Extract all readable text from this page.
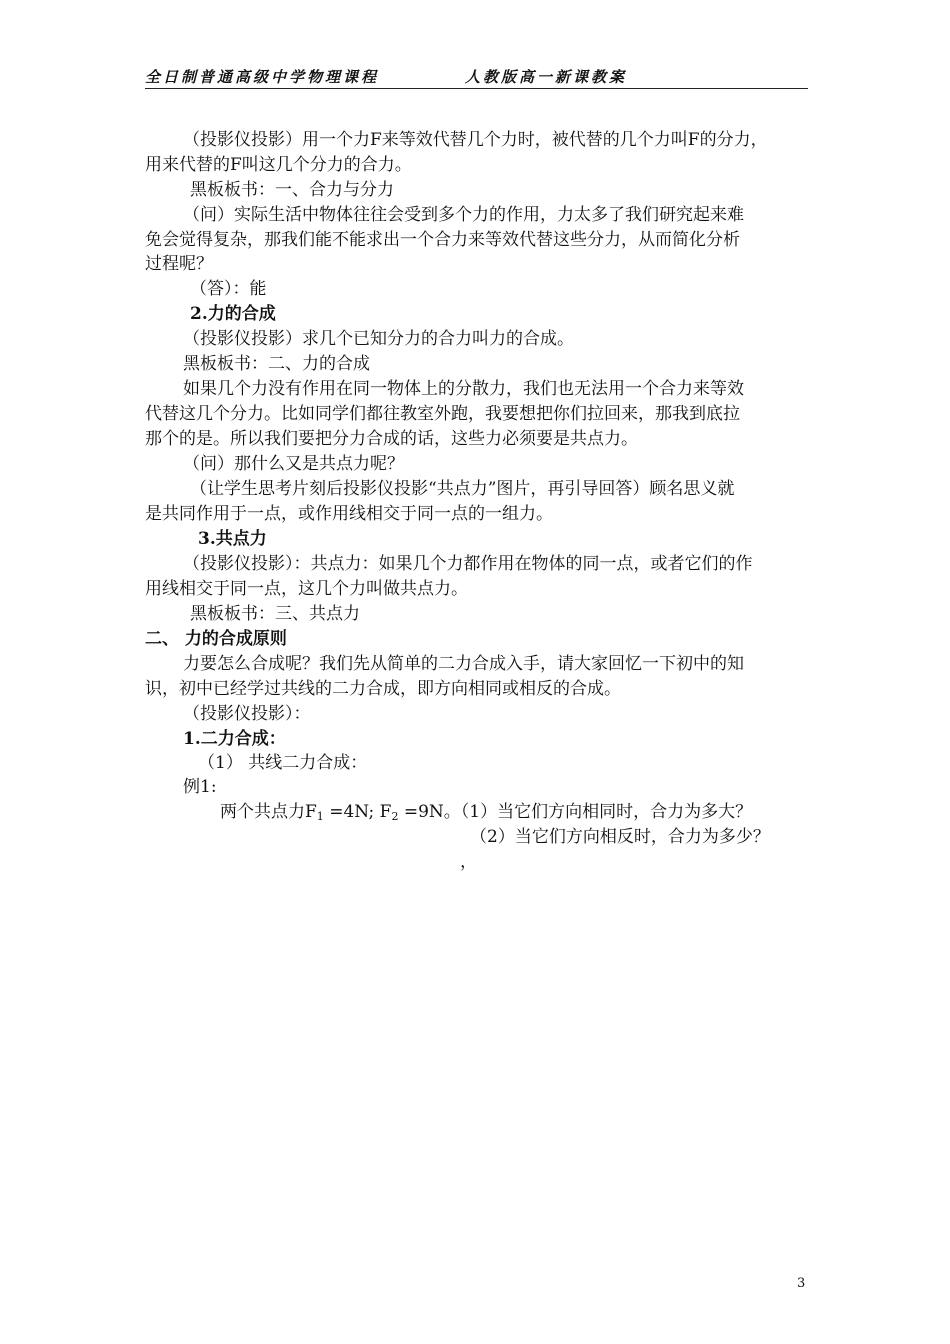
全日制普通高级中学物理课程	人教版高一新课教案
（投影仪投影）用一个力F来等效代替几个力时，被代替的几个力叫F的分力，
用来代替的F叫这几个分力的合力。
黑板板书：一、合力与分力
（问）实际生活中物体往往会受到多个力的作用，力太多了我们研究起来难
免会觉得复杂，那我们能不能求出一个合力来等效代替这些分力，从而简化分析
过程呢？
（答）：能
2.力的合成
（投影仪投影）求几个已知分力的合力叫力的合成。
黑板板书：二、力的合成
如果几个力没有作用在同一物体上的分散力，我们也无法用一个合力来等效
代替这几个分力。比如同学们都往教室外跑，我要想把你们拉回来，那我到底拉
那个的是。所以我们要把分力合成的话，这些力必须要是共点力。
（问）那什么又是共点力呢？
（让学生思考片刻后投影仪投影“共点力”图片，再引导回答）顾名思义就
是共同作用于一点，或作用线相交于同一点的一组力。
3.共点力
（投影仪投影）：共点力：如果几个力都作用在物体的同一点，或者它们的作
用线相交于同一点，这几个力叫做共点力。
黑板板书：三、共点力
二、 力的合成原则
力要怎么合成呢？我们先从简单的二力合成入手，请大家回忆一下初中的知
识，初中已经学过共线的二力合成，即方向相同或相反的合成。
（投影仪投影）：
1.二力合成：
（1） 共线二力合成：
例1:
两个共点力$F_1 =4N$; $F_2 =9N$。（1）当它们方向相同时，合力为多大？
（2）当它们方向相反时，合力为多少？
，
3
